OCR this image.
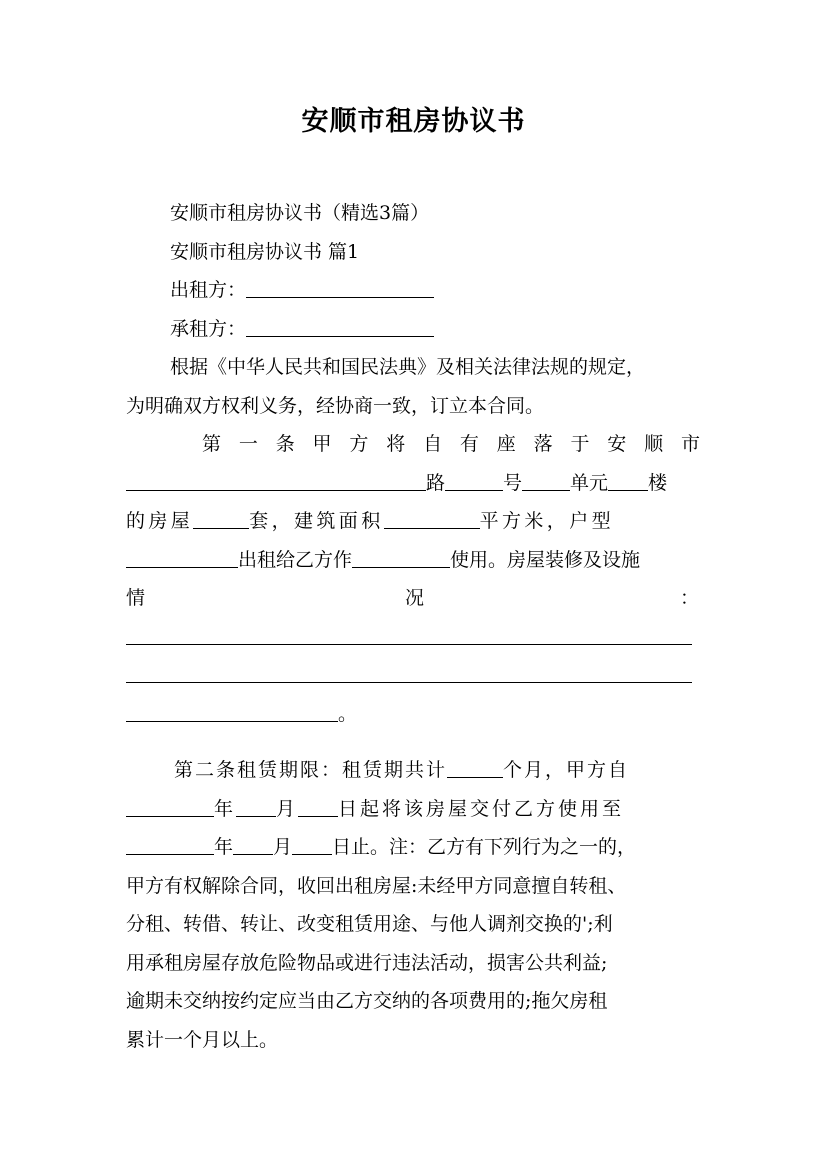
安顺市租房协议书
安顺市租房协议书（精选3篇）
安顺市租房协议书 篇1
出租方：
承租方：
根据《中华人民共和国民法典》及相关法律法规的规定，
为明确双方权利义务，经协商一致，订立本合同。
第一条甲方将自有座落于安顺市
路	号	单元 楼
的房屋	套，建筑面积	平方米，户型
出租给乙方作	使用。房屋装修及设施
情	况	：
。
第二条租赁期限：租赁期共计	个月，甲方自
年 月 日起将该房屋交付乙方使用至
年 月 日止。注：乙方有下列行为之一的，
甲方有权解除合同，收回出租房屋:未经甲方同意擅自转租、
分租、转借、转让、改变租赁用途、与他人调剂交换的';利
用承租房屋存放危险物品或进行违法活动，损害公共利益;
逾期未交纳按约定应当由乙方交纳的各项费用的;拖欠房租
累计一个月以上。
